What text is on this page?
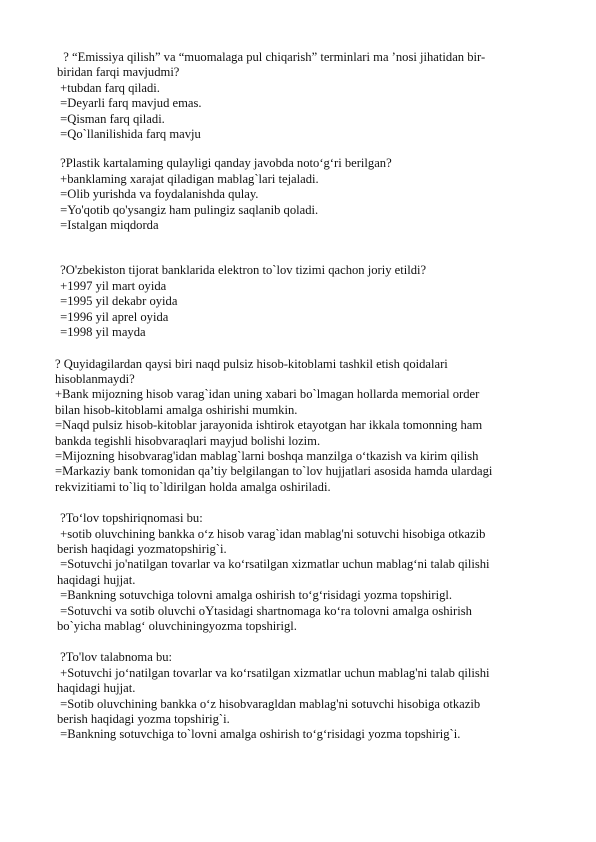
? “Emissiya qilish” va “muomalaga pul chiqarish” terminlari ma ’nosi jihatidan bir-
biridan farqi mavjudmi?
+tubdan farq qiladi.
=Deyarli farq mavjud emas.
=Qisman farq qiladi.
=Qo`llanilishida farq mavju
?Plastik kartalaming qulayligi qanday javobda noto‘g‘ri berilgan?
+banklaming xarajat qiladigan mablag`lari tejaladi.
=Olib yurishda va foydalanishda qulay.
=Yo'qotib qo'ysangiz ham pulingiz saqlanib qoladi.
=Istalgan miqdorda
?O'zbekiston tijorat banklarida elektron to`lov tizimi qachon joriy etildi?
+1997 yil mart oyida
=1995 yil dekabr oyida
=1996 yil aprel oyida
=1998 yil mayda
? Quyidagilardan qaysi biri naqd pulsiz hisob-kitoblami tashkil etish qoidalari
hisoblanmaydi?
+Bank mijozning hisob varag`idan uning xabari bo`lmagan hollarda memorial order
bilan hisob-kitoblami amalga oshirishi mumkin.
=Naqd pulsiz hisob-kitoblar jarayonida ishtirok etayotgan har ikkala tomonning ham
bankda tegishli hisobvaraqlari mayjud bolishi lozim.
=Mijozning hisobvarag'idan mablag`larni boshqa manzilga o‘tkazish va kirim qilish
=Markaziy bank tomonidan qa’tiy belgilangan to`lov hujjatlari asosida hamda ulardagi
rekvizitiami to`liq to`ldirilgan holda amalga oshiriladi.
?To‘lov topshiriqnomasi bu:
+sotib oluvchining bankka o‘z hisob varag`idan mablag'ni sotuvchi hisobiga otkazib
berish haqidagi yozmatopshirig`i.
=Sotuvchi jo'natilgan tovarlar va ko‘rsatilgan xizmatlar uchun mablag‘ni talab qilishi
haqidagi hujjat.
=Bankning sotuvchiga tolovni amalga oshirish to‘g‘risidagi yozma topshirigl.
=Sotuvchi va sotib oluvchi oYtasidagi shartnomaga ko‘ra tolovni amalga oshirish
bo`yicha mablag‘ oluvchiningyozma topshirigl.
?To'lov talabnoma bu:
+Sotuvchi jo‘natilgan tovarlar va ko‘rsatilgan xizmatlar uchun mablag'ni talab qilishi
haqidagi hujjat.
=Sotib oluvchining bankka o‘z hisobvaragldan mablag'ni sotuvchi hisobiga otkazib
berish haqidagi yozma topshirig`i.
=Bankning sotuvchiga to`lovni amalga oshirish to‘g‘risidagi yozma topshirig`i.
